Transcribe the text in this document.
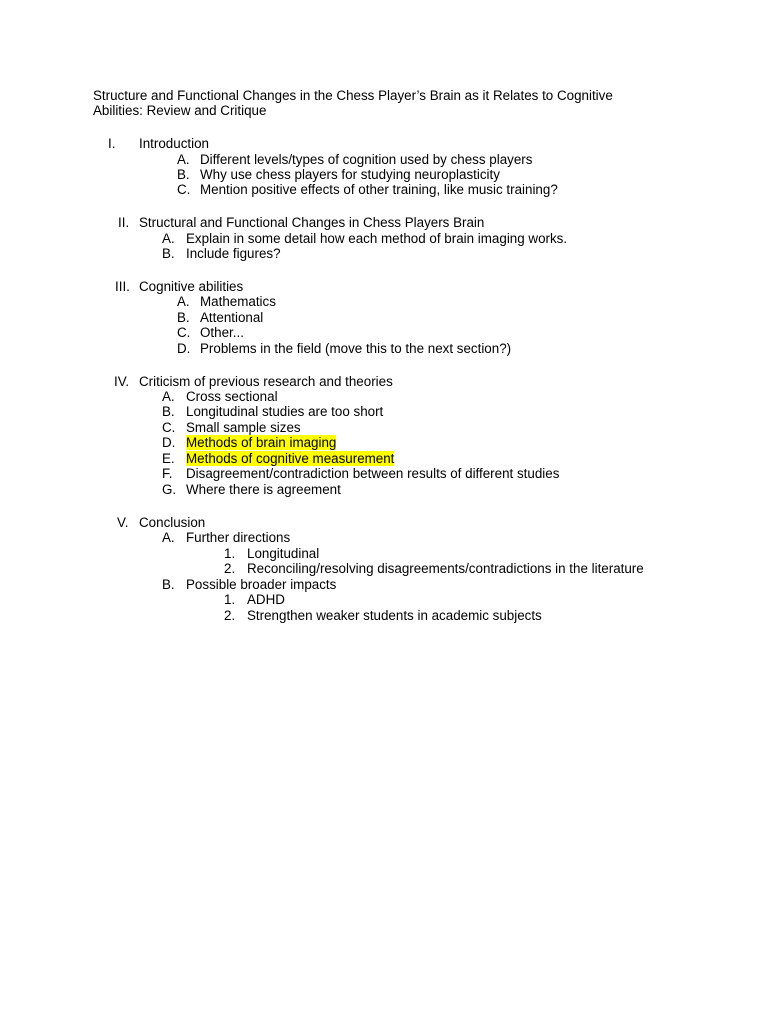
Structure and Functional Changes in the Chess Player’s Brain as it Relates to Cognitive
Abilities: Review and Critique
I. Introduction
A. Different levels/types of cognition used by chess players
B. Why use chess players for studying neuroplasticity
C. Mention positive effects of other training, like music training?
II. Structural and Functional Changes in Chess Players Brain
A. Explain in some detail how each method of brain imaging works.
B. Include figures?
III. Cognitive abilities
A. Mathematics
B. Attentional
C. Other...
D. Problems in the field (move this to the next section?)
IV. Criticism of previous research and theories
A. Cross sectional
B. Longitudinal studies are too short
C. Small sample sizes
D. Methods of brain imaging
E. Methods of cognitive measurement
F. Disagreement/contradiction between results of different studies
G. Where there is agreement
V. Conclusion
A. Further directions
1. Longitudinal
2. Reconciling/resolving disagreements/contradictions in the literature
B. Possible broader impacts
1. ADHD
2. Strengthen weaker students in academic subjects
